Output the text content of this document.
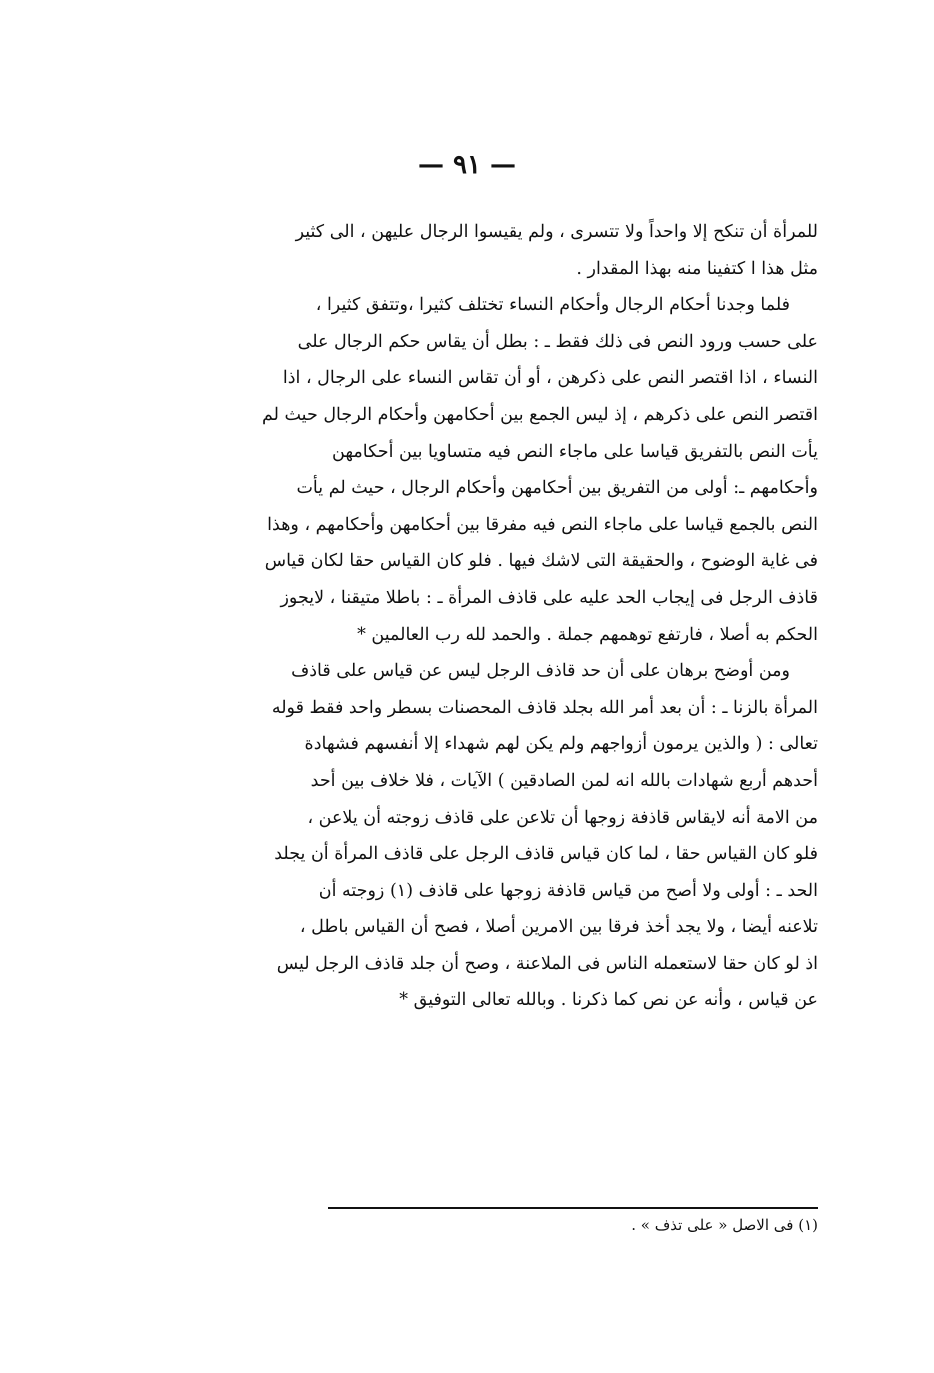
— ٩١ —
للمرأة أن تنكح إلا واحداً ولا تتسرى ، ولم يقيسوا الرجال عليهن ، الى كثير
مثل هذا ا كتفينا منه بهذا المقدار .
فلما وجدنا أحكام الرجال وأحكام النساء تختلف كثيرا ،وتتفق كثيرا ،
على حسب ورود النص فى ذلك فقط ـ : بطل أن يقاس حكم الرجال على
النساء ، اذا اقتصر النص على ذكرهن ، أو أن تقاس النساء على الرجال ، اذا
اقتصر النص على ذكرهم ، إذ ليس الجمع بين أحكامهن وأحكام الرجال حيث لم
يأت النص بالتفريق قياسا على ماجاء النص فيه متساويا بين أحكامهن
وأحكامهم ـ: أولى من التفريق بين أحكامهن وأحكام الرجال ، حيث لم يأت
النص بالجمع قياسا على ماجاء النص فيه مفرقا بين أحكامهن وأحكامهم ، وهذا
فى غاية الوضوح ، والحقيقة التى لاشك فيها . فلو كان القياس حقا لكان قياس
قاذف الرجل فى إيجاب الحد عليه على قاذف المرأة ـ : باطلا متيقنا ، لايجوز
الحكم به أصلا ، فارتفع توهمهم جملة . والحمد لله رب العالمين *
ومن أوضح برهان على أن حد قاذف الرجل ليس عن قياس على قاذف
المرأة بالزنا ـ : أن بعد أمر الله بجلد قاذف المحصنات بسطر واحد فقط قوله
تعالى : ( والذين يرمون أزواجهم ولم يكن لهم شهداء إلا أنفسهم فشهادة
أحدهم أربع شهادات بالله انه لمن الصادقين ) الآيات ، فلا خلاف بين أحد
من الامة أنه لايقاس قاذفة زوجها أن تلاعن على قاذف زوجته أن يلاعن ،
فلو كان القياس حقا ، لما كان قياس قاذف الرجل على قاذف المرأة أن يجلد
الحد ـ : أولى ولا أصح من قياس قاذفة زوجها على قاذف (١) زوجته أن
تلاعنه أيضا ، ولا يجد أخذ فرقا بين الامرين أصلا ، فصح أن القياس باطل ،
اذ لو كان حقا لاستعمله الناس فى الملاعنة ، وصح أن جلد قاذف الرجل ليس
عن قياس ، وأنه عن نص كما ذكرنا . وبالله تعالى التوفيق *
(١) فى الاصل « على تذف » .
